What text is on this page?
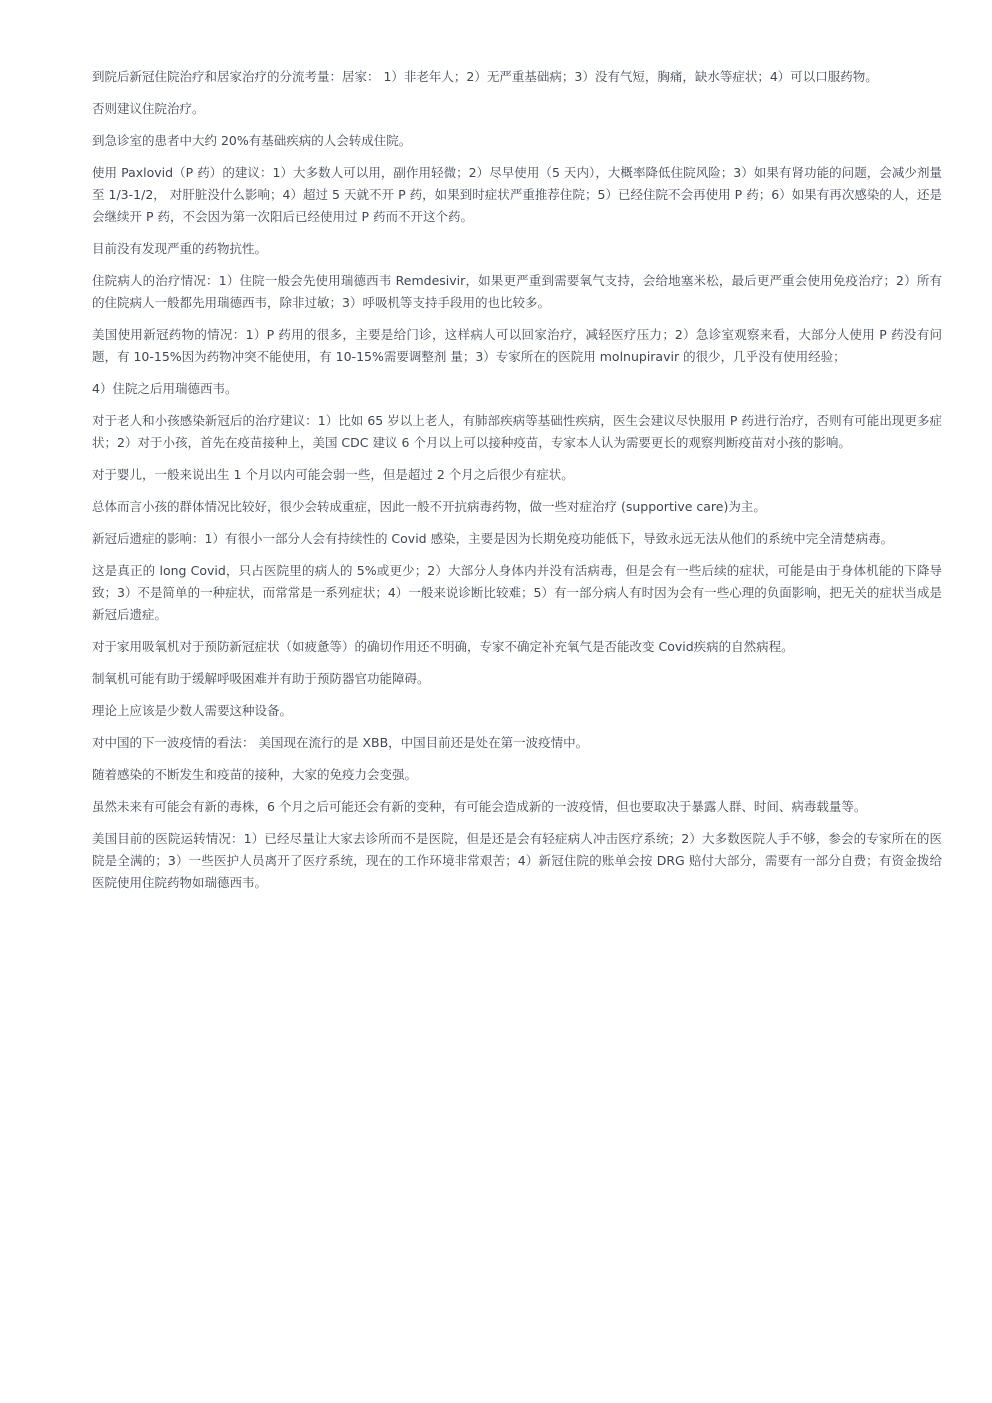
到院后新冠住院治疗和居家治疗的分流考量：居家： 1）非老年人；2）无严重基础病；3）没有气短，胸痛，缺水等症状；4）可以口服药物。

否则建议住院治疗。

到急诊室的患者中大约 20%有基础疾病的人会转成住院。

使用 Paxlovid（P 药）的建议：1）大多数人可以用，副作用轻微；2）尽早使用（5 天内），大概率降低住院风险；3）如果有肾功能的问题，会减少剂量至 1/3-1/2， 对肝脏没什么影响；4）超过 5 天就不开 P 药，如果到时症状严重推荐住院；5）已经住院不会再使用 P 药；6）如果有再次感染的人，还是会继续开 P 药，不会因为第一次阳后已经使用过 P 药而不开这个药。

目前没有发现严重的药物抗性。

住院病人的治疗情况：1）住院一般会先使用瑞德西韦 Remdesivir，如果更严重到需要氧气支持，会给地塞米松，最后更严重会使用免疫治疗；2）所有的住院病人一般都先用瑞德西韦，除非过敏；3）呼吸机等支持手段用的也比较多。

美国使用新冠药物的情况：1）P 药用的很多，主要是给门诊，这样病人可以回家治疗，减轻医疗压力；2）急诊室观察来看，大部分人使用 P 药没有问题，有 10-15%因为药物冲突不能使用，有 10-15%需要调整剂 量；3）专家所在的医院用 molnupiravir 的很少，几乎没有使用经验；

4）住院之后用瑞德西韦。

对于老人和小孩感染新冠后的治疗建议：1）比如 65 岁以上老人，有肺部疾病等基础性疾病，医生会建议尽快服用 P 药进行治疗，否则有可能出现更多症状；2）对于小孩，首先在疫苗接种上，美国 CDC 建议 6 个月以上可以接种疫苗，专家本人认为需要更长的观察判断疫苗对小孩的影响。

对于婴儿，一般来说出生 1 个月以内可能会弱一些，但是超过 2 个月之后很少有症状。

总体而言小孩的群体情况比较好，很少会转成重症，因此一般不开抗病毒药物，做一些对症治疗 (supportive care)为主。

新冠后遗症的影响：1）有很小一部分人会有持续性的 Covid 感染，主要是因为长期免疫功能低下，导致永远无法从他们的系统中完全清楚病毒。

这是真正的 long Covid，只占医院里的病人的 5%或更少；2）大部分人身体内并没有活病毒，但是会有一些后续的症状，可能是由于身体机能的下降导致；3）不是简单的一种症状，而常常是一系列症状；4）一般来说诊断比较难；5）有一部分病人有时因为会有一些心理的负面影响，把无关的症状当成是新冠后遗症。

对于家用吸氧机对于预防新冠症状（如疲惫等）的确切作用还不明确，专家不确定补充氧气是否能改变 Covid疾病的自然病程。

制氧机可能有助于缓解呼吸困难并有助于预防器官功能障碍。

理论上应该是少数人需要这种设备。

对中国的下一波疫情的看法： 美国现在流行的是 XBB，中国目前还是处在第一波疫情中。

随着感染的不断发生和疫苗的接种，大家的免疫力会变强。

虽然未来有可能会有新的毒株，6 个月之后可能还会有新的变种，有可能会造成新的一波疫情，但也要取决于暴露人群、时间、病毒载量等。

美国目前的医院运转情况：1）已经尽量让大家去诊所而不是医院，但是还是会有轻症病人冲击医疗系统；2）大多数医院人手不够，参会的专家所在的医院是全满的；3）一些医护人员离开了医疗系统，现在的工作环境非常艰苦；4）新冠住院的账单会按 DRG 赔付大部分，需要有一部分自费；有资金拨给医院使用住院药物如瑞德西韦。
